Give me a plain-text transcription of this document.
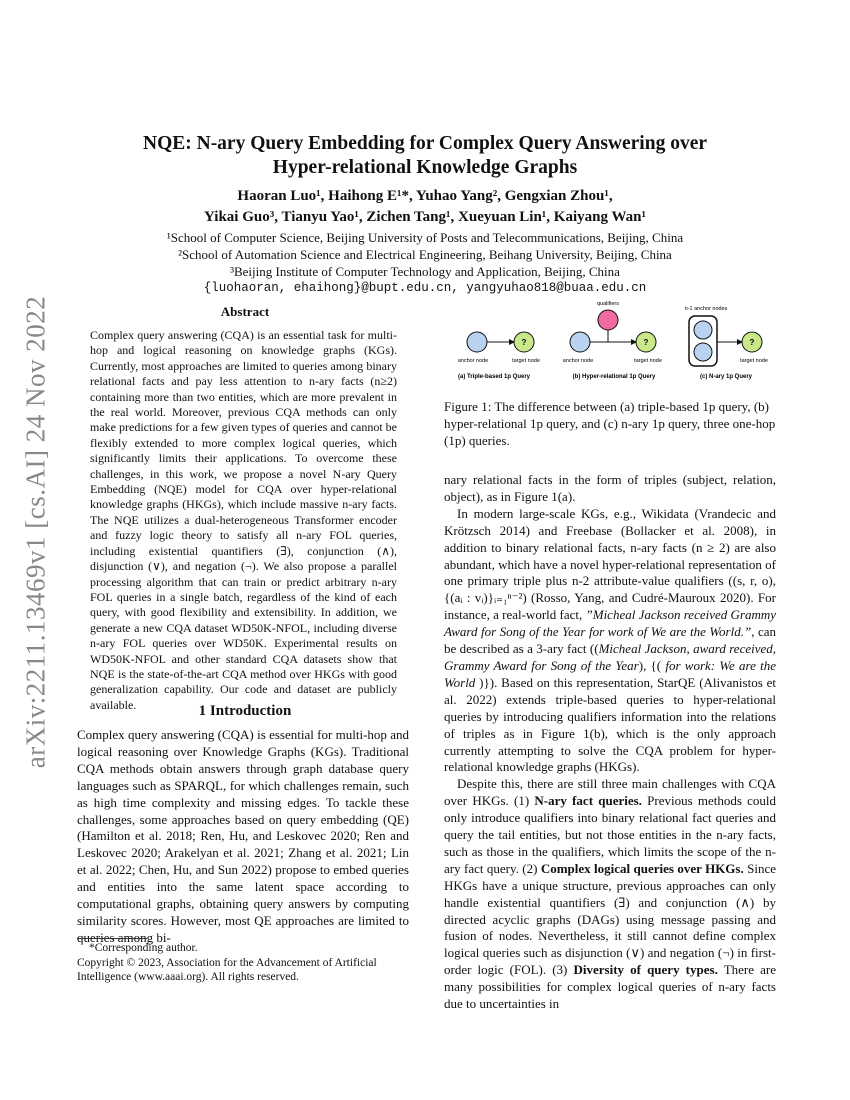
arXiv:2211.13469v1 [cs.AI] 24 Nov 2022
NQE: N-ary Query Embedding for Complex Query Answering over
Hyper-relational Knowledge Graphs
Haoran Luo¹, Haihong E¹*, Yuhao Yang², Gengxian Zhou¹,
Yikai Guo³, Tianyu Yao¹, Zichen Tang¹, Xueyuan Lin¹, Kaiyang Wan¹
¹School of Computer Science, Beijing University of Posts and Telecommunications, Beijing, China
²School of Automation Science and Electrical Engineering, Beihang University, Beijing, China
³Beijing Institute of Computer Technology and Application, Beijing, China
{luohaoran, ehaihong}@bupt.edu.cn, yangyuhao818@buaa.edu.cn
Abstract
Complex query answering (CQA) is an essential task for multi-hop and logical reasoning on knowledge graphs (KGs). Currently, most approaches are limited to queries among binary relational facts and pay less attention to n-ary facts (n≥2) containing more than two entities, which are more prevalent in the real world. Moreover, previous CQA methods can only make predictions for a few given types of queries and cannot be flexibly extended to more complex logical queries, which significantly limits their applications. To overcome these challenges, in this work, we propose a novel N-ary Query Embedding (NQE) model for CQA over hyper-relational knowledge graphs (HKGs), which include massive n-ary facts. The NQE utilizes a dual-heterogeneous Transformer encoder and fuzzy logic theory to satisfy all n-ary FOL queries, including existential quantifiers (∃), conjunction (∧), disjunction (∨), and negation (¬). We also propose a parallel processing algorithm that can train or predict arbitrary n-ary FOL queries in a single batch, regardless of the kind of each query, with good flexibility and extensibility. In addition, we generate a new CQA dataset WD50K-NFOL, including diverse n-ary FOL queries over WD50K. Experimental results on WD50K-NFOL and other standard CQA datasets show that NQE is the state-of-the-art CQA method over HKGs with good generalization capability. Our code and dataset are publicly available.	1 Introduction
Complex query answering (CQA) is essential for multi-hop and logical reasoning over Knowledge Graphs (KGs). Traditional CQA methods obtain answers through graph database query languages such as SPARQL, for which challenges remain, such as high time complexity and missing edges. To tackle these challenges, some approaches based on query embedding (QE) (Hamilton et al. 2018; Ren, Hu, and Leskovec 2020; Ren and Leskovec 2020; Arakelyan et al. 2021; Zhang et al. 2021; Lin et al. 2022; Chen, Hu, and Sun 2022) propose to embed queries and entities into the same latent space according to computational graphs, obtaining query answers by computing similarity scores. However, most QE approaches are limited to queries among bi-
*Corresponding author.
Copyright © 2023, Association for the Advancement of Artificial Intelligence (www.aaai.org). All rights reserved.
?
anchor node	target node
(a) Triple-based 1p Query
qualifiers
?
anchor node	target node
(b) Hyper-relational 1p Query
n-1 anchor nodes
?
target node
(c) N-ary 1p Query
Figure 1: The difference between (a) triple-based 1p query, (b) hyper-relational 1p query, and (c) n-ary 1p query, three one-hop (1p) queries.

nary relational facts in the form of triples (subject, relation, object), as in Figure 1(a).

In modern large-scale KGs, e.g., Wikidata (Vrandecic and Krötzsch 2014) and Freebase (Bollacker et al. 2008), in addition to binary relational facts, n-ary facts (n ≥ 2) are also abundant, which have a novel hyper-relational representation of one primary triple plus n-2 attribute-value qualifiers ((s, r, o), {(aᵢ : vᵢ)}ᵢ₌₁ⁿ⁻²) (Rosso, Yang, and Cudré-Mauroux 2020). For instance, a real-world fact, ”Micheal Jackson received Grammy Award for Song of the Year for work of We are the World.”, can be described as a 3-ary fact ((Micheal Jackson, award received, Grammy Award for Song of the Year), {( for work: We are the World )}). Based on this representation, StarQE (Alivanistos et al. 2022) extends triple-based queries to hyper-relational queries by introducing qualifiers information into the relations of triples as in Figure 1(b), which is the only approach currently attempting to solve the CQA problem for hyper-relational knowledge graphs (HKGs).

Despite this, there are still three main challenges with CQA over HKGs. (1) N-ary fact queries. Previous methods could only introduce qualifiers into binary relational fact queries and query the tail entities, but not those entities in the n-ary facts, such as those in the qualifiers, which limits the scope of the n-ary fact query. (2) Complex logical queries over HKGs. Since HKGs have a unique structure, previous approaches can only handle existential quantifiers (∃) and conjunction (∧) by directed acyclic graphs (DAGs) using message passing and fusion of nodes. Nevertheless, it still cannot define complex logical queries such as disjunction (∨) and negation (¬) in first-order logic (FOL). (3) Diversity of query types. There are many possibilities for complex logical queries of n-ary facts due to uncertainties in
